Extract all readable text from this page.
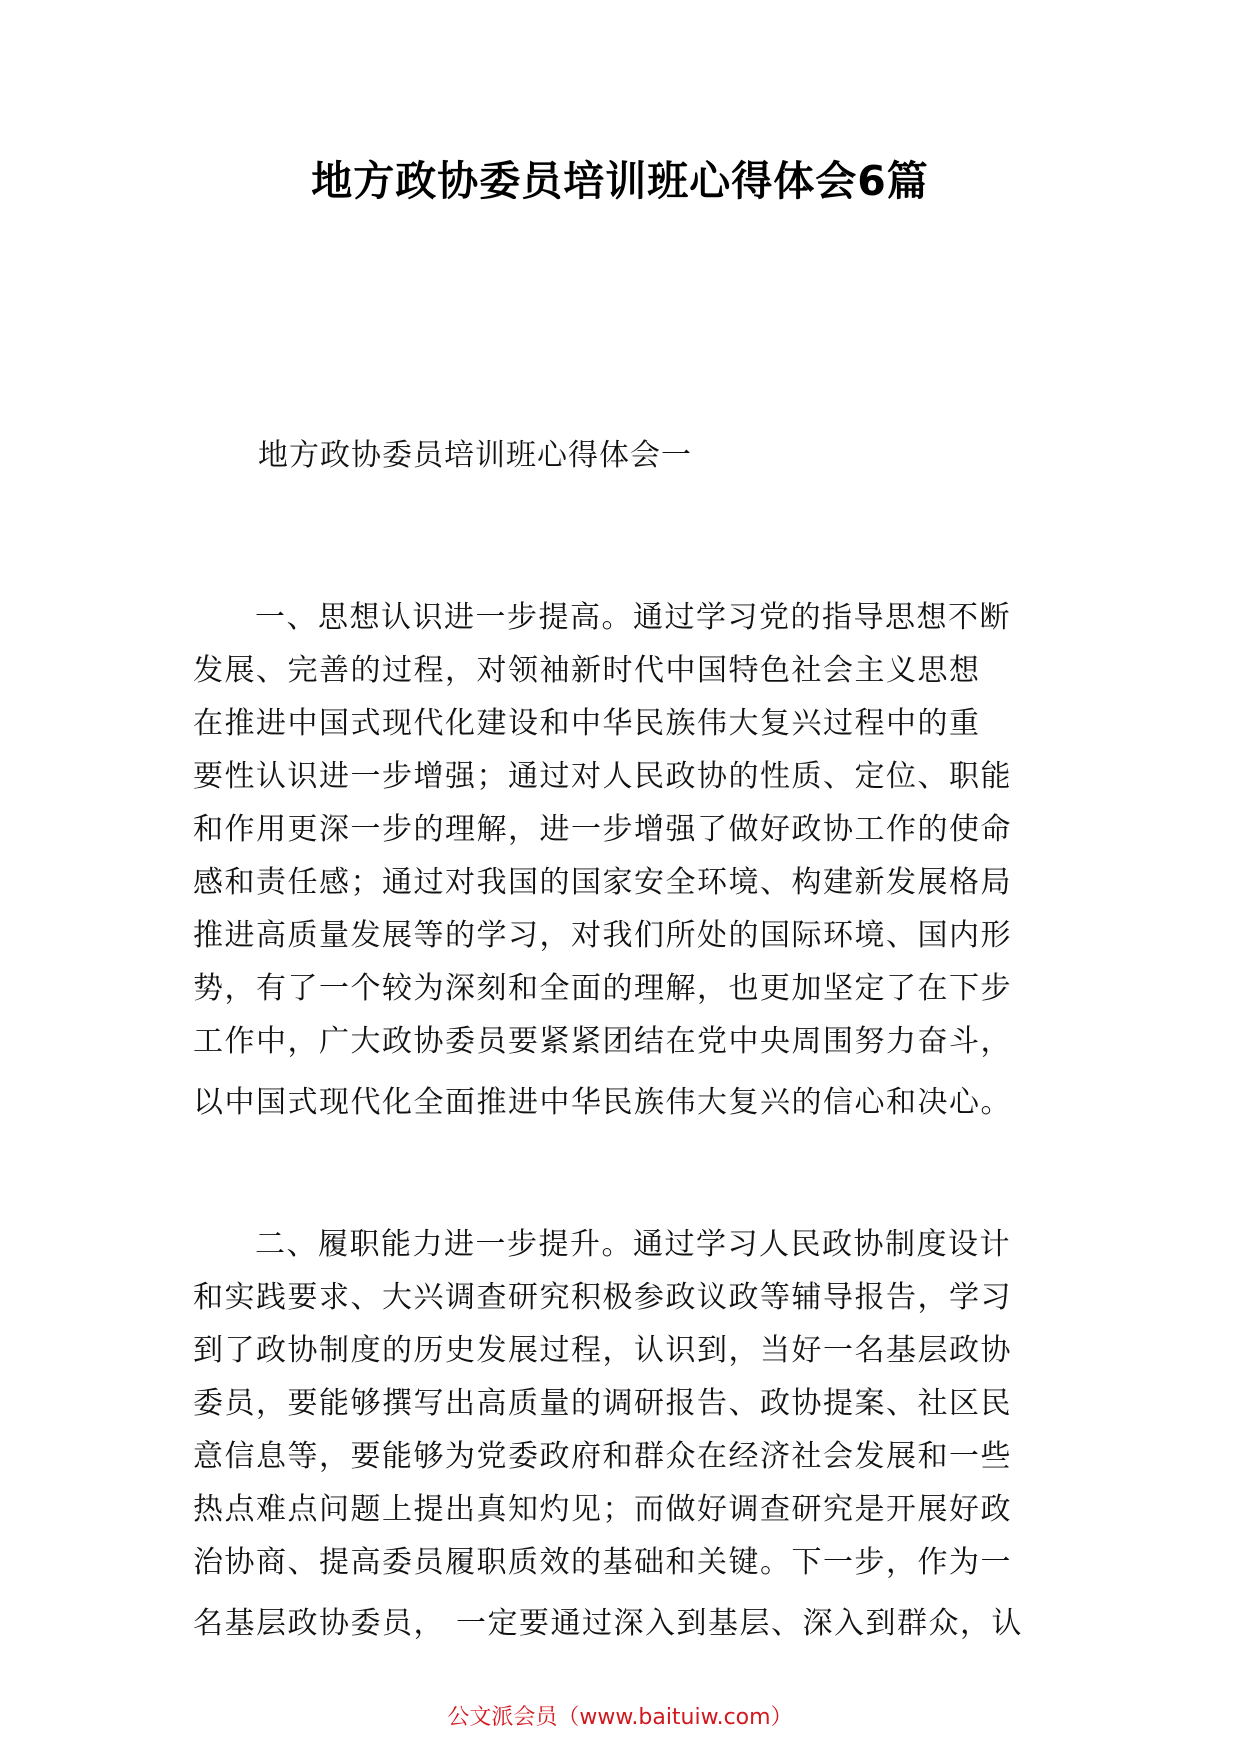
地方政协委员培训班心得体会6篇
地方政协委员培训班心得体会一
一、思想认识进一步提高。通过学习党的指导思想不断
发展、完善的过程，对领袖新时代中国特色社会主义思想
在推进中国式现代化建设和中华民族伟大复兴过程中的重
要性认识进一步增强；通过对人民政协的性质、定位、职能
和作用更深一步的理解，进一步增强了做好政协工作的使命
感和责任感；通过对我国的国家安全环境、构建新发展格局
推进高质量发展等的学习，对我们所处的国际环境、国内形
势，有了一个较为深刻和全面的理解，也更加坚定了在下步
工作中，广大政协委员要紧紧团结在党中央周围努力奋斗，
以中国式现代化全面推进中华民族伟大复兴的信心和决心。
二、履职能力进一步提升。通过学习人民政协制度设计
和实践要求、大兴调查研究积极参政议政等辅导报告，学习
到了政协制度的历史发展过程，认识到，当好一名基层政协
委员，要能够撰写出高质量的调研报告、政协提案、社区民
意信息等，要能够为党委政府和群众在经济社会发展和一些
热点难点问题上提出真知灼见；而做好调查研究是开展好政
治协商、提高委员履职质效的基础和关键。下一步，作为一
名基层政协委员， 一定要通过深入到基层、深入到群众，认
公文派会员（www.baituiw.com）
